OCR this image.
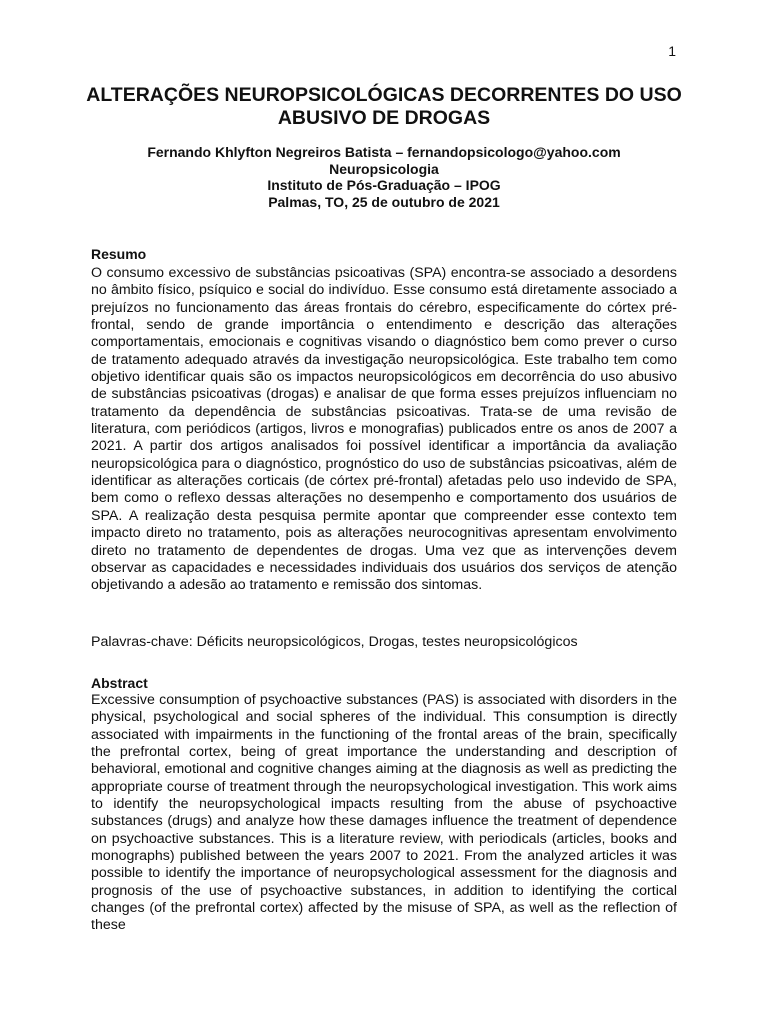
1
ALTERAÇÕES NEUROPSICOLÓGICAS DECORRENTES DO USO ABUSIVO DE DROGAS
Fernando Khlyfton Negreiros Batista – fernandopsicologo@yahoo.com
Neuropsicologia
Instituto de Pós-Graduação – IPOG
Palmas, TO, 25 de outubro de 2021
Resumo

O consumo excessivo de substâncias psicoativas (SPA) encontra-se associado a desordens no âmbito físico, psíquico e social do indivíduo. Esse consumo está diretamente associado a prejuízos no funcionamento das áreas frontais do cérebro, especificamente do córtex pré-frontal, sendo de grande importância o entendimento e descrição das alterações comportamentais, emocionais e cognitivas visando o diagnóstico bem como prever o curso de tratamento adequado através da investigação neuropsicológica. Este trabalho tem como objetivo identificar quais são os impactos neuropsicológicos em decorrência do uso abusivo de substâncias psicoativas (drogas) e analisar de que forma esses prejuízos influenciam no tratamento da dependência de substâncias psicoativas. Trata-se de uma revisão de literatura, com periódicos (artigos, livros e monografias) publicados entre os anos de 2007 a 2021. A partir dos artigos analisados foi possível identificar a importância da avaliação neuropsicológica para o diagnóstico, prognóstico do uso de substâncias psicoativas, além de identificar as alterações corticais (de córtex pré-frontal) afetadas pelo uso indevido de SPA, bem como o reflexo dessas alterações no desempenho e comportamento dos usuários de SPA. A realização desta pesquisa permite apontar que compreender esse contexto tem impacto direto no tratamento, pois as alterações neurocognitivas apresentam envolvimento direto no tratamento de dependentes de drogas. Uma vez que as intervenções devem observar as capacidades e necessidades individuais dos usuários dos serviços de atenção objetivando a adesão ao tratamento e remissão dos sintomas.

Palavras-chave: Déficits neuropsicológicos, Drogas, testes neuropsicológicos

Abstract

Excessive consumption of psychoactive substances (PAS) is associated with disorders in the physical, psychological and social spheres of the individual. This consumption is directly associated with impairments in the functioning of the frontal areas of the brain, specifically the prefrontal cortex, being of great importance the understanding and description of behavioral, emotional and cognitive changes aiming at the diagnosis as well as predicting the appropriate course of treatment through the neuropsychological investigation. This work aims to identify the neuropsychological impacts resulting from the abuse of psychoactive substances (drugs) and analyze how these damages influence the treatment of dependence on psychoactive substances. This is a literature review, with periodicals (articles, books and monographs) published between the years 2007 to 2021. From the analyzed articles it was possible to identify the importance of neuropsychological assessment for the diagnosis and prognosis of the use of psychoactive substances, in addition to identifying the cortical changes (of the prefrontal cortex) affected by the misuse of SPA, as well as the reflection of these
